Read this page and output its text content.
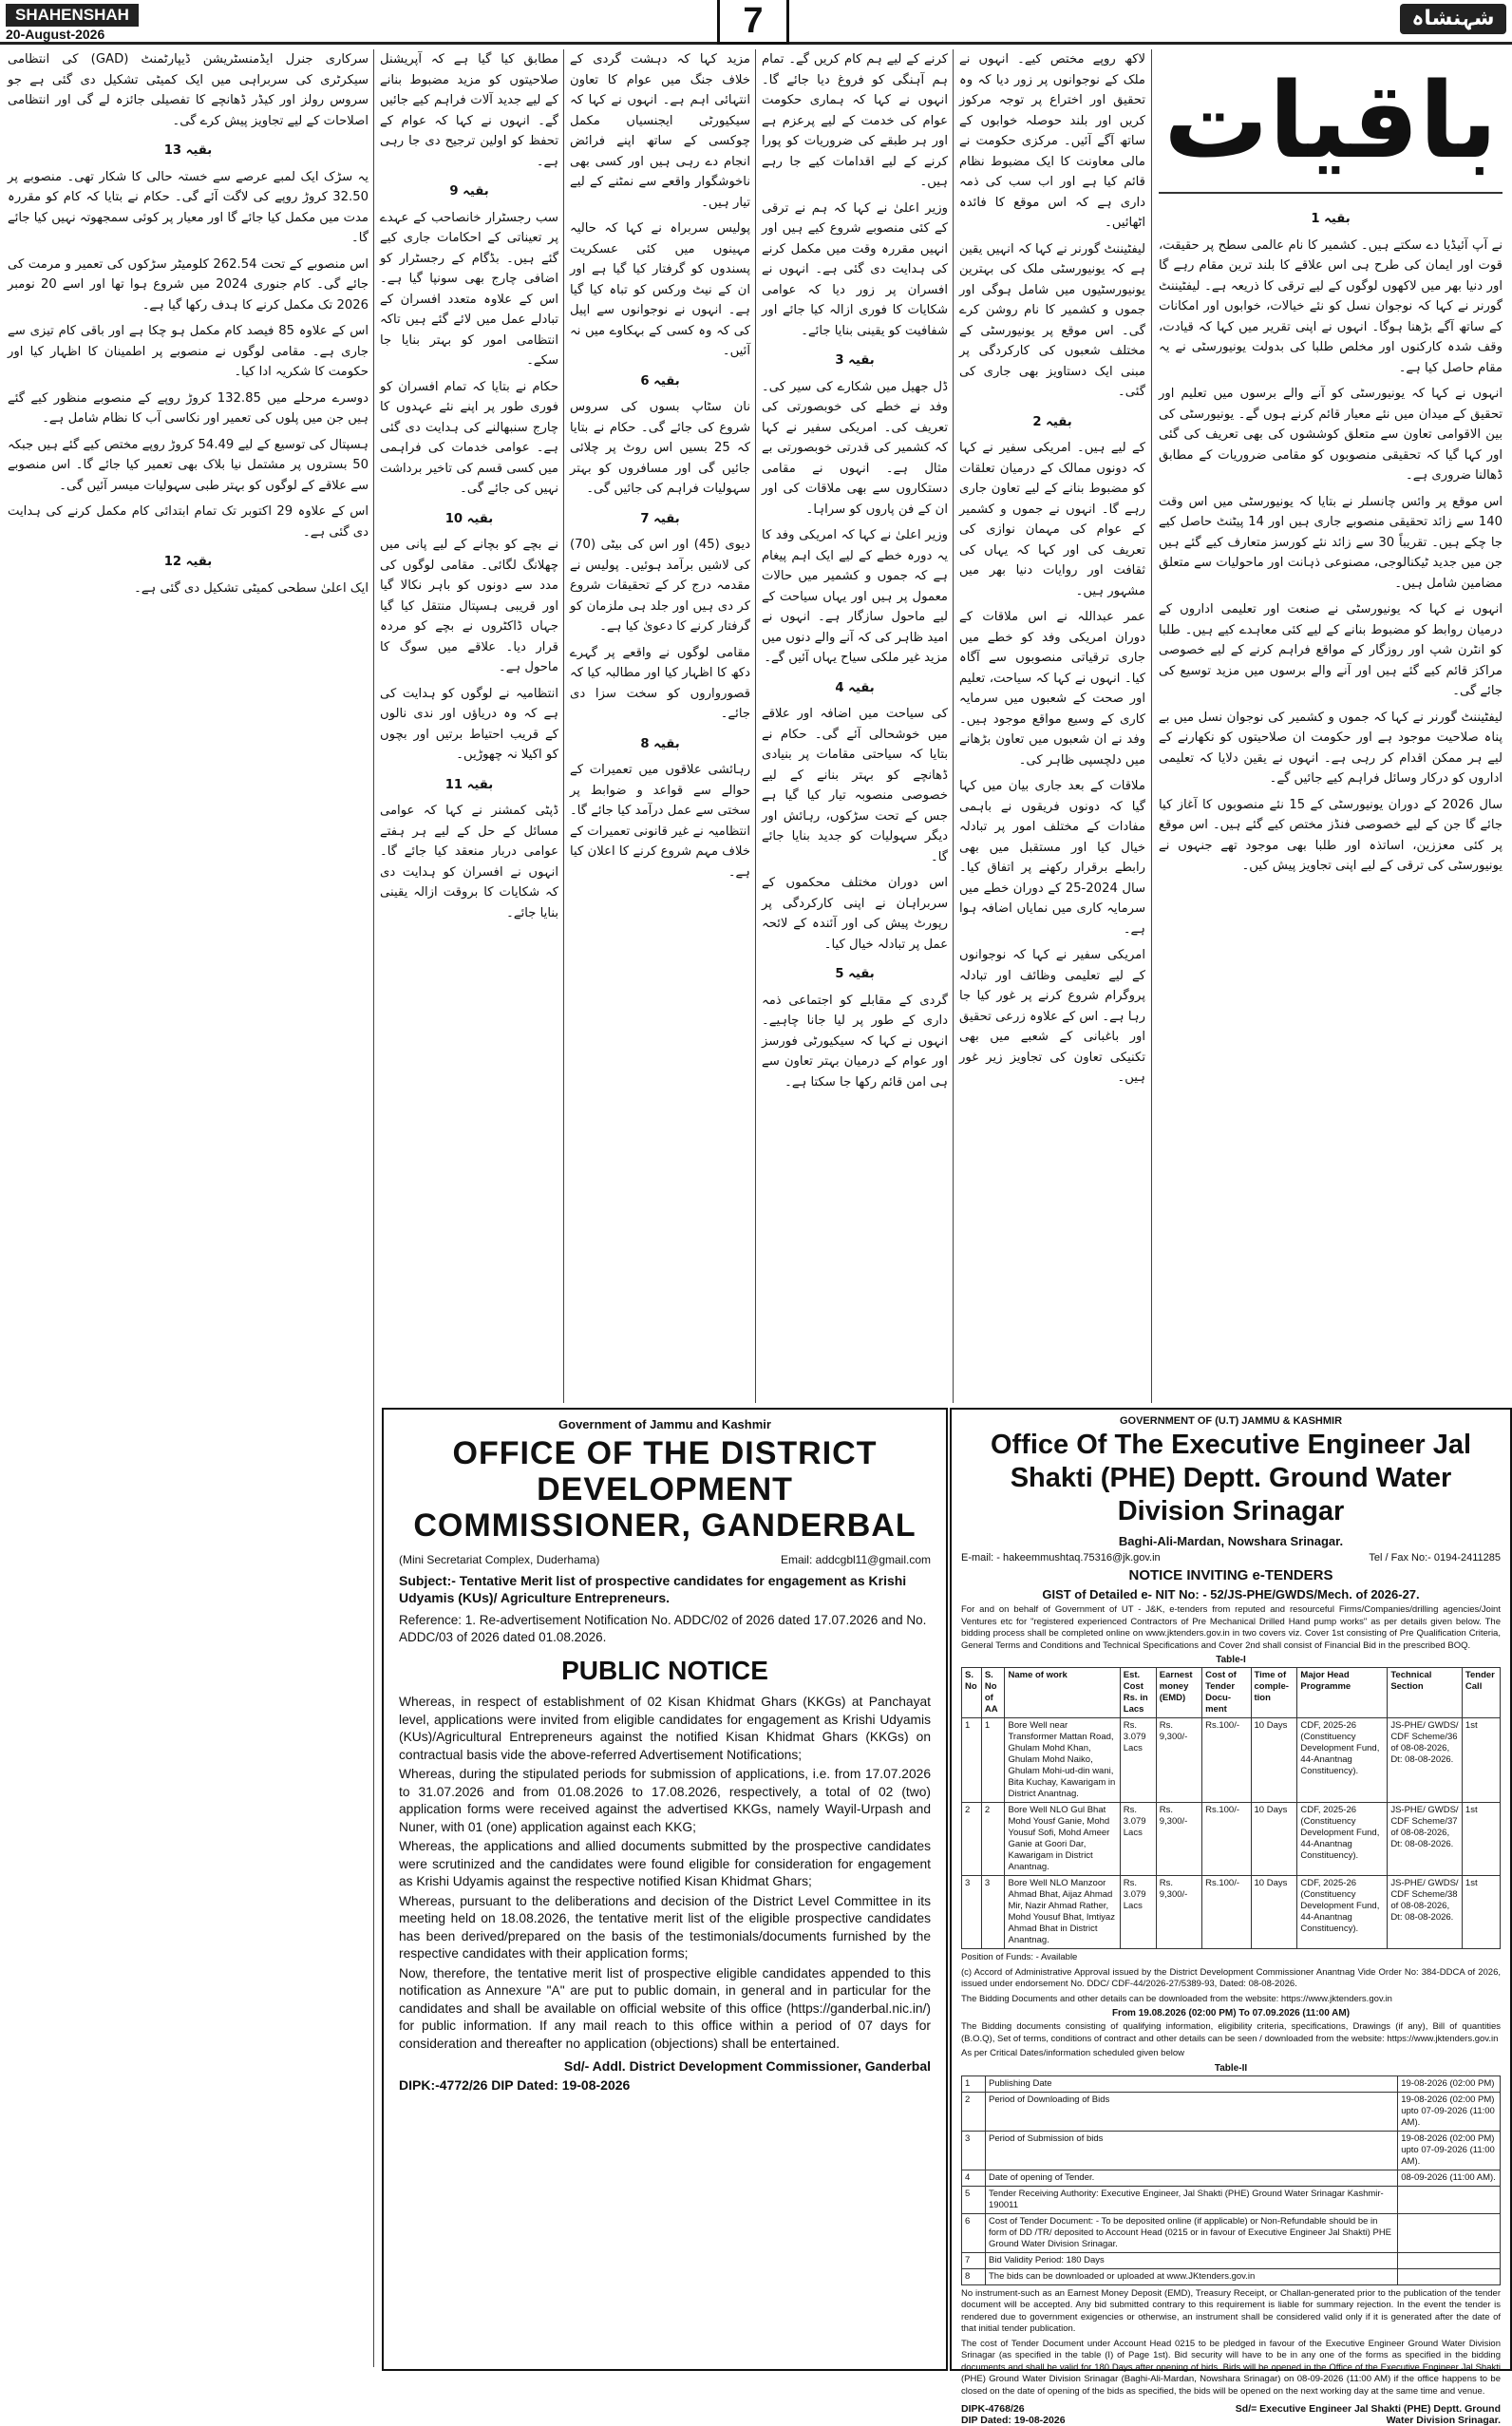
SHAHENSHAH
20-August-2026	7	شہنشاہ
باقیات
بقیہ 1

نے آپ آئیڈیا دے سکتے ہیں۔ کشمیر کا نام عالمی سطح پر حقیقت، قوت اور ایمان کی طرح ہی اس علاقے کا بلند ترین مقام رہے گا اور دنیا بھر میں لاکھوں لوگوں کے لیے ترقی کا ذریعہ ہے۔ لیفٹیننٹ گورنر نے کہا کہ نوجوان نسل کو نئے خیالات، خوابوں اور امکانات کے ساتھ آگے بڑھنا ہوگا۔ انہوں نے اپنی تقریر میں کہا کہ قیادت، وقف شدہ کارکنوں اور مخلص طلبا کی بدولت یونیورسٹی نے یہ مقام حاصل کیا ہے۔

انہوں نے کہا کہ یونیورسٹی کو آنے والے برسوں میں تعلیم اور تحقیق کے میدان میں نئے معیار قائم کرنے ہوں گے۔ یونیورسٹی کی بین الاقوامی تعاون سے متعلق کوششوں کی بھی تعریف کی گئی اور کہا گیا کہ تحقیقی منصوبوں کو مقامی ضروریات کے مطابق ڈھالنا ضروری ہے۔

اس موقع پر وائس چانسلر نے بتایا کہ یونیورسٹی میں اس وقت 140 سے زائد تحقیقی منصوبے جاری ہیں اور 14 پیٹنٹ حاصل کیے جا چکے ہیں۔ تقریباً 30 سے زائد نئے کورسز متعارف کیے گئے ہیں جن میں جدید ٹیکنالوجی، مصنوعی ذہانت اور ماحولیات سے متعلق مضامین شامل ہیں۔

انہوں نے کہا کہ یونیورسٹی نے صنعت اور تعلیمی اداروں کے درمیان روابط کو مضبوط بنانے کے لیے کئی معاہدے کیے ہیں۔ طلبا کو انٹرن شپ اور روزگار کے مواقع فراہم کرنے کے لیے خصوصی مراکز قائم کیے گئے ہیں اور آنے والے برسوں میں مزید توسیع کی جائے گی۔

لیفٹیننٹ گورنر نے کہا کہ جموں و کشمیر کی نوجوان نسل میں بے پناہ صلاحیت موجود ہے اور حکومت ان صلاحیتوں کو نکھارنے کے لیے ہر ممکن اقدام کر رہی ہے۔ انہوں نے یقین دلایا کہ تعلیمی اداروں کو درکار وسائل فراہم کیے جائیں گے۔

سال 2026 کے دوران یونیورسٹی کے 15 نئے منصوبوں کا آغاز کیا جائے گا جن کے لیے خصوصی فنڈز مختص کیے گئے ہیں۔ اس موقع پر کئی معززین، اساتذہ اور طلبا بھی موجود تھے جنہوں نے یونیورسٹی کی ترقی کے لیے اپنی تجاویز پیش کیں۔

لاکھ روپے مختص کیے۔ انہوں نے ملک کے نوجوانوں پر زور دیا کہ وہ تحقیق اور اختراع پر توجہ مرکوز کریں اور بلند حوصلہ خوابوں کے ساتھ آگے آئیں۔ مرکزی حکومت نے مالی معاونت کا ایک مضبوط نظام قائم کیا ہے اور اب سب کی ذمہ داری ہے کہ اس موقع کا فائدہ اٹھائیں۔

لیفٹیننٹ گورنر نے کہا کہ انہیں یقین ہے کہ یونیورسٹی ملک کی بہترین یونیورسٹیوں میں شامل ہوگی اور جموں و کشمیر کا نام روشن کرے گی۔ اس موقع پر یونیورسٹی کے مختلف شعبوں کی کارکردگی پر مبنی ایک دستاویز بھی جاری کی گئی۔

بقیہ 2

کے لیے ہیں۔ امریکی سفیر نے کہا کہ دونوں ممالک کے درمیان تعلقات کو مضبوط بنانے کے لیے تعاون جاری رہے گا۔ انہوں نے جموں و کشمیر کے عوام کی مہمان نوازی کی تعریف کی اور کہا کہ یہاں کی ثقافت اور روایات دنیا بھر میں مشہور ہیں۔

عمر عبداللہ نے اس ملاقات کے دوران امریکی وفد کو خطے میں جاری ترقیاتی منصوبوں سے آگاہ کیا۔ انہوں نے کہا کہ سیاحت، تعلیم اور صحت کے شعبوں میں سرمایہ کاری کے وسیع مواقع موجود ہیں۔ وفد نے ان شعبوں میں تعاون بڑھانے میں دلچسپی ظاہر کی۔

ملاقات کے بعد جاری بیان میں کہا گیا کہ دونوں فریقوں نے باہمی مفادات کے مختلف امور پر تبادلہ خیال کیا اور مستقبل میں بھی رابطے برقرار رکھنے پر اتفاق کیا۔ سال 2024-25 کے دوران خطے میں سرمایہ کاری میں نمایاں اضافہ ہوا ہے۔

امریکی سفیر نے کہا کہ نوجوانوں کے لیے تعلیمی وظائف اور تبادلہ پروگرام شروع کرنے پر غور کیا جا رہا ہے۔ اس کے علاوہ زرعی تحقیق اور باغبانی کے شعبے میں بھی تکنیکی تعاون کی تجاویز زیر غور ہیں۔

کرنے کے لیے ہم کام کریں گے۔ تمام ہم آہنگی کو فروغ دیا جائے گا۔ انہوں نے کہا کہ ہماری حکومت عوام کی خدمت کے لیے پرعزم ہے اور ہر طبقے کی ضروریات کو پورا کرنے کے لیے اقدامات کیے جا رہے ہیں۔

وزیر اعلیٰ نے کہا کہ ہم نے ترقی کے کئی منصوبے شروع کیے ہیں اور انہیں مقررہ وقت میں مکمل کرنے کی ہدایت دی گئی ہے۔ انہوں نے افسران پر زور دیا کہ عوامی شکایات کا فوری ازالہ کیا جائے اور شفافیت کو یقینی بنایا جائے۔

بقیہ 3

ڈل جھیل میں شکارے کی سیر کی۔ وفد نے خطے کی خوبصورتی کی تعریف کی۔ امریکی سفیر نے کہا کہ کشمیر کی قدرتی خوبصورتی بے مثال ہے۔ انہوں نے مقامی دستکاروں سے بھی ملاقات کی اور ان کے فن پاروں کو سراہا۔

وزیر اعلیٰ نے کہا کہ امریکی وفد کا یہ دورہ خطے کے لیے ایک اہم پیغام ہے کہ جموں و کشمیر میں حالات معمول پر ہیں اور یہاں سیاحت کے لیے ماحول سازگار ہے۔ انہوں نے امید ظاہر کی کہ آنے والے دنوں میں مزید غیر ملکی سیاح یہاں آئیں گے۔

بقیہ 4

کی سیاحت میں اضافہ اور علاقے میں خوشحالی آئے گی۔ حکام نے بتایا کہ سیاحتی مقامات پر بنیادی ڈھانچے کو بہتر بنانے کے لیے خصوصی منصوبہ تیار کیا گیا ہے جس کے تحت سڑکوں، رہائش اور دیگر سہولیات کو جدید بنایا جائے گا۔

اس دوران مختلف محکموں کے سربراہان نے اپنی کارکردگی پر رپورٹ پیش کی اور آئندہ کے لائحہ عمل پر تبادلہ خیال کیا۔

بقیہ 5

گردی کے مقابلے کو اجتماعی ذمہ داری کے طور پر لیا جانا چاہیے۔ انہوں نے کہا کہ سیکیورٹی فورسز اور عوام کے درمیان بہتر تعاون سے ہی امن قائم رکھا جا سکتا ہے۔

مزید کہا کہ دہشت گردی کے خلاف جنگ میں عوام کا تعاون انتہائی اہم ہے۔ انہوں نے کہا کہ سیکیورٹی ایجنسیاں مکمل چوکسی کے ساتھ اپنے فرائض انجام دے رہی ہیں اور کسی بھی ناخوشگوار واقعے سے نمٹنے کے لیے تیار ہیں۔

پولیس سربراہ نے کہا کہ حالیہ مہینوں میں کئی عسکریت پسندوں کو گرفتار کیا گیا ہے اور ان کے نیٹ ورکس کو تباہ کیا گیا ہے۔ انہوں نے نوجوانوں سے اپیل کی کہ وہ کسی کے بہکاوے میں نہ آئیں۔

بقیہ 6

نان سٹاپ بسوں کی سروس شروع کی جائے گی۔ حکام نے بتایا کہ 25 بسیں اس روٹ پر چلائی جائیں گی اور مسافروں کو بہتر سہولیات فراہم کی جائیں گی۔

بقیہ 7

دیوی (45) اور اس کی بیٹی (70) کی لاشیں برآمد ہوئیں۔ پولیس نے مقدمہ درج کر کے تحقیقات شروع کر دی ہیں اور جلد ہی ملزمان کو گرفتار کرنے کا دعویٰ کیا ہے۔

مقامی لوگوں نے واقعے پر گہرے دکھ کا اظہار کیا اور مطالبہ کیا کہ قصورواروں کو سخت سزا دی جائے۔

بقیہ 8

رہائشی علاقوں میں تعمیرات کے حوالے سے قواعد و ضوابط پر سختی سے عمل درآمد کیا جائے گا۔ انتظامیہ نے غیر قانونی تعمیرات کے خلاف مہم شروع کرنے کا اعلان کیا ہے۔

مطابق کیا گیا ہے کہ آپریشنل صلاحیتوں کو مزید مضبوط بنانے کے لیے جدید آلات فراہم کیے جائیں گے۔ انہوں نے کہا کہ عوام کے تحفظ کو اولین ترجیح دی جا رہی ہے۔

بقیہ 9

سب رجسٹرار خانصاحب کے عہدے پر تعیناتی کے احکامات جاری کیے گئے ہیں۔ بڈگام کے رجسٹرار کو اضافی چارج بھی سونپا گیا ہے۔ اس کے علاوہ متعدد افسران کے تبادلے عمل میں لائے گئے ہیں تاکہ انتظامی امور کو بہتر بنایا جا سکے۔

حکام نے بتایا کہ تمام افسران کو فوری طور پر اپنے نئے عہدوں کا چارج سنبھالنے کی ہدایت دی گئی ہے۔ عوامی خدمات کی فراہمی میں کسی قسم کی تاخیر برداشت نہیں کی جائے گی۔

بقیہ 10

نے بچے کو بچانے کے لیے پانی میں چھلانگ لگائی۔ مقامی لوگوں کی مدد سے دونوں کو باہر نکالا گیا اور قریبی ہسپتال منتقل کیا گیا جہاں ڈاکٹروں نے بچے کو مردہ قرار دیا۔ علاقے میں سوگ کا ماحول ہے۔

انتظامیہ نے لوگوں کو ہدایت کی ہے کہ وہ دریاؤں اور ندی نالوں کے قریب احتیاط برتیں اور بچوں کو اکیلا نہ چھوڑیں۔

بقیہ 11

ڈپٹی کمشنر نے کہا کہ عوامی مسائل کے حل کے لیے ہر ہفتے عوامی دربار منعقد کیا جائے گا۔ انہوں نے افسران کو ہدایت دی کہ شکایات کا بروقت ازالہ یقینی بنایا جائے۔

سرکاری جنرل ایڈمنسٹریشن ڈیپارٹمنٹ (GAD) کی انتظامی سیکرٹری کی سربراہی میں ایک کمیٹی تشکیل دی گئی ہے جو سروس رولز اور کیڈر ڈھانچے کا تفصیلی جائزہ لے گی اور انتظامی اصلاحات کے لیے تجاویز پیش کرے گی۔

بقیہ 13

یہ سڑک ایک لمبے عرصے سے خستہ حالی کا شکار تھی۔ منصوبے پر 32.50 کروڑ روپے کی لاگت آئے گی۔ حکام نے بتایا کہ کام کو مقررہ مدت میں مکمل کیا جائے گا اور معیار پر کوئی سمجھوتہ نہیں کیا جائے گا۔

اس منصوبے کے تحت 262.54 کلومیٹر سڑکوں کی تعمیر و مرمت کی جائے گی۔ کام جنوری 2024 میں شروع ہوا تھا اور اسے 20 نومبر 2026 تک مکمل کرنے کا ہدف رکھا گیا ہے۔

اس کے علاوہ 85 فیصد کام مکمل ہو چکا ہے اور باقی کام تیزی سے جاری ہے۔ مقامی لوگوں نے منصوبے پر اطمینان کا اظہار کیا اور حکومت کا شکریہ ادا کیا۔

دوسرے مرحلے میں 132.85 کروڑ روپے کے منصوبے منظور کیے گئے ہیں جن میں پلوں کی تعمیر اور نکاسی آب کا نظام شامل ہے۔

ہسپتال کی توسیع کے لیے 54.49 کروڑ روپے مختص کیے گئے ہیں جبکہ 50 بستروں پر مشتمل نیا بلاک بھی تعمیر کیا جائے گا۔ اس منصوبے سے علاقے کے لوگوں کو بہتر طبی سہولیات میسر آئیں گی۔

اس کے علاوہ 29 اکتوبر تک تمام ابتدائی کام مکمل کرنے کی ہدایت دی گئی ہے۔

بقیہ 12

ایک اعلیٰ سطحی کمیٹی تشکیل دی گئی ہے۔

Government of Jammu and Kashmir
OFFICE OF THE DISTRICT DEVELOPMENT COMMISSIONER, GANDERBAL
(Mini Secretariat Complex, Duderhama)	Email: addcgbl11@gmail.com
Subject:- Tentative Merit list of prospective candidates for engagement as Krishi Udyamis (KUs)/ Agriculture Entrepreneurs.
Reference: 1. Re-advertisement Notification No. ADDC/02 of 2026 dated 17.07.2026 and No. ADDC/03 of 2026 dated 01.08.2026.
PUBLIC NOTICE

Whereas, in respect of establishment of 02 Kisan Khidmat Ghars (KKGs) at Panchayat level, applications were invited from eligible candidates for engagement as Krishi Udyamis (KUs)/Agricultural Entrepreneurs against the notified Kisan Khidmat Ghars (KKGs) on contractual basis vide the above-referred Advertisement Notifications;

Whereas, during the stipulated periods for submission of applications, i.e. from 17.07.2026 to 31.07.2026 and from 01.08.2026 to 17.08.2026, respectively, a total of 02 (two) application forms were received against the advertised KKGs, namely Wayil-Urpash and Nuner, with 01 (one) application against each KKG;

Whereas, the applications and allied documents submitted by the prospective candidates were scrutinized and the candidates were found eligible for consideration for engagement as Krishi Udyamis against the respective notified Kisan Khidmat Ghars;

Whereas, pursuant to the deliberations and decision of the District Level Committee in its meeting held on 18.08.2026, the tentative merit list of the eligible prospective candidates has been derived/prepared on the basis of the testimonials/documents furnished by the respective candidates with their application forms;

Now, therefore, the tentative merit list of prospective eligible candidates appended to this notification as Annexure "A" are put to public domain, in general and in particular for the candidates and shall be available on official website of this office (https://ganderbal.nic.in/) for public information. If any mail reach to this office within a period of 07 days for consideration and thereafter no application (objections) shall be entertained.

Sd/- Addl. District Development Commissioner, Ganderbal
DIPK:-4772/26 DIP Dated: 19-08-2026
GOVERNMENT OF (U.T) JAMMU & KASHMIR
Office Of The Executive Engineer Jal Shakti (PHE) Deptt. Ground Water Division Srinagar
Baghi-Ali-Mardan, Nowshara Srinagar.
E-mail: - hakeemmushtaq.75316@jk.gov.in	Tel / Fax No:- 0194-2411285
NOTICE INVITING e-TENDERS
GIST of Detailed e- NIT No: - 52/JS-PHE/GWDS/Mech. of 2026-27.
For and on behalf of Government of UT - J&K, e-tenders from reputed and resourceful Firms/Companies/drilling agencies/Joint Ventures etc for "registered experienced Contractors of Pre Mechanical Drilled Hand pump works" as per details given below. The bidding process shall be completed online on www.jktenders.gov.in in two covers viz. Cover 1st consisting of Pre Qualification Criteria, General Terms and Conditions and Technical Specifications and Cover 2nd shall consist of Financial Bid in the prescribed BOQ.
Table-I
S. No	S. No of AA	Name of work	Est. Cost Rs. in Lacs	Earnest money (EMD)	Cost of Tender Docu-ment	Time of comple-tion	Major Head Programme	Technical Section	Tender Call
1	1	Bore Well near Transformer Mattan Road, Ghulam Mohd Khan, Ghulam Mohd Naiko, Ghulam Mohi-ud-din wani, Bita Kuchay, Kawarigam in District Anantnag.	Rs. 3.079 Lacs	Rs. 9,300/-	Rs.100/-	10 Days	CDF, 2025-26 (Constituency Development Fund, 44-Anantnag Constituency).	JS-PHE/ GWDS/ CDF Scheme/36 of 08-08-2026, Dt: 08-08-2026.	1st
2	2	Bore Well NLO Gul Bhat Mohd Yousf Ganie, Mohd Yousuf Sofi, Mohd Ameer Ganie at Goori Dar, Kawarigam in District Anantnag.	Rs. 3.079 Lacs	Rs. 9,300/-	Rs.100/-	10 Days	CDF, 2025-26 (Constituency Development Fund, 44-Anantnag Constituency).	JS-PHE/ GWDS/ CDF Scheme/37 of 08-08-2026, Dt: 08-08-2026.	1st
3	3	Bore Well NLO Manzoor Ahmad Bhat, Aijaz Ahmad Mir, Nazir Ahmad Rather, Mohd Yousuf Bhat, Imtiyaz Ahmad Bhat in District Anantnag.	Rs. 3.079 Lacs	Rs. 9,300/-	Rs.100/-	10 Days	CDF, 2025-26 (Constituency Development Fund, 44-Anantnag Constituency).	JS-PHE/ GWDS/ CDF Scheme/38 of 08-08-2026, Dt: 08-08-2026.	1st
Position of Funds: - Available
(c) Accord of Administrative Approval issued by the District Development Commissioner Anantnag Vide Order No: 384-DDCA of 2026, issued under endorsement No. DDC/ CDF-44/2026-27/5389-93, Dated: 08-08-2026.
The Bidding Documents and other details can be downloaded from the website: https://www.jktenders.gov.in
From 19.08.2026 (02:00 PM) To 07.09.2026 (11:00 AM)
The Bidding documents consisting of qualifying information, eligibility criteria, specifications, Drawings (if any), Bill of quantities (B.O.Q), Set of terms, conditions of contract and other details can be seen / downloaded from the website: https://www.jktenders.gov.in
As per Critical Dates/information scheduled given below
Table-II
1	Publishing Date	19-08-2026 (02:00 PM)
2	Period of Downloading of Bids	19-08-2026 (02:00 PM) upto 07-09-2026 (11:00 AM).
3	Period of Submission of bids	19-08-2026 (02:00 PM) upto 07-09-2026 (11:00 AM).
4	Date of opening of Tender.	08-09-2026 (11:00 AM).
5	Tender Receiving Authority: Executive Engineer, Jal Shakti (PHE) Ground Water Srinagar Kashmir-190011	
6	Cost of Tender Document: - To be deposited online (if applicable) or Non-Refundable should be in form of DD /TR/ deposited to Account Head (0215 or in favour of Executive Engineer Jal Shakti) PHE Ground Water Division Srinagar.	
7	Bid Validity Period: 180 Days	
8	The bids can be downloaded or uploaded at www.JKtenders.gov.in	
No instrument-such as an Earnest Money Deposit (EMD), Treasury Receipt, or Challan-generated prior to the publication of the tender document will be accepted. Any bid submitted contrary to this requirement is liable for summary rejection. In the event the tender is rendered due to government exigencies or otherwise, an instrument shall be considered valid only if it is generated after the date of that initial tender publication.
The cost of Tender Document under Account Head 0215 to be pledged in favour of the Executive Engineer Ground Water Division Srinagar (as specified in the table (I) of Page 1st). Bid security will have to be in any one of the forms as specified in the bidding documents and shall be valid for 180 Days after opening of bids. Bids will be opened in the Office of the Executive Engineer Jal Shakti (PHE) Ground Water Division Srinagar (Baghi-Ali-Mardan, Nowshara Srinagar) on 08-09-2026 (11:00 AM) if the office happens to be closed on the date of opening of the bids as specified, the bids will be opened on the next working day at the same time and venue.
DIPK-4768/26
DIP Dated: 19-08-2026
Sd/= Executive Engineer Jal Shakti (PHE) Deptt. Ground Water Division Srinagar.
